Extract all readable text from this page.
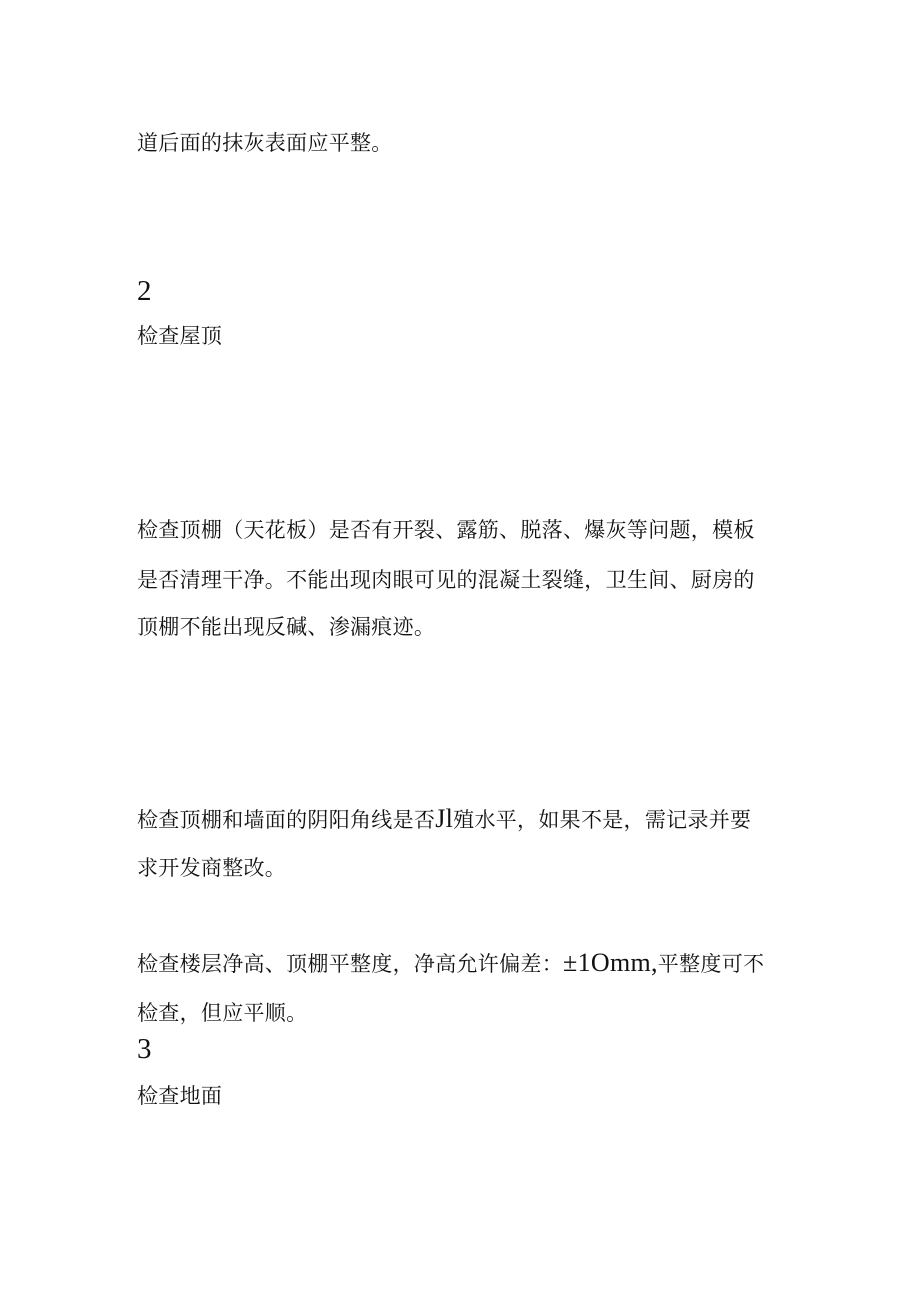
道后面的抹灰表面应平整。
2
检查屋顶
检查顶棚（天花板）是否有开裂、露筋、脱落、爆灰等问题，模板
是否清理干净。不能出现肉眼可见的混凝土裂缝，卫生间、厨房的
顶棚不能出现反碱、渗漏痕迹。
检查顶棚和墙面的阴阳角线是否Jl殖水平，如果不是，需记录并要
求开发商整改。
检查楼层净高、顶棚平整度，净高允许偏差：±1Omm,平整度可不
检查，但应平顺。
3
检查地面
